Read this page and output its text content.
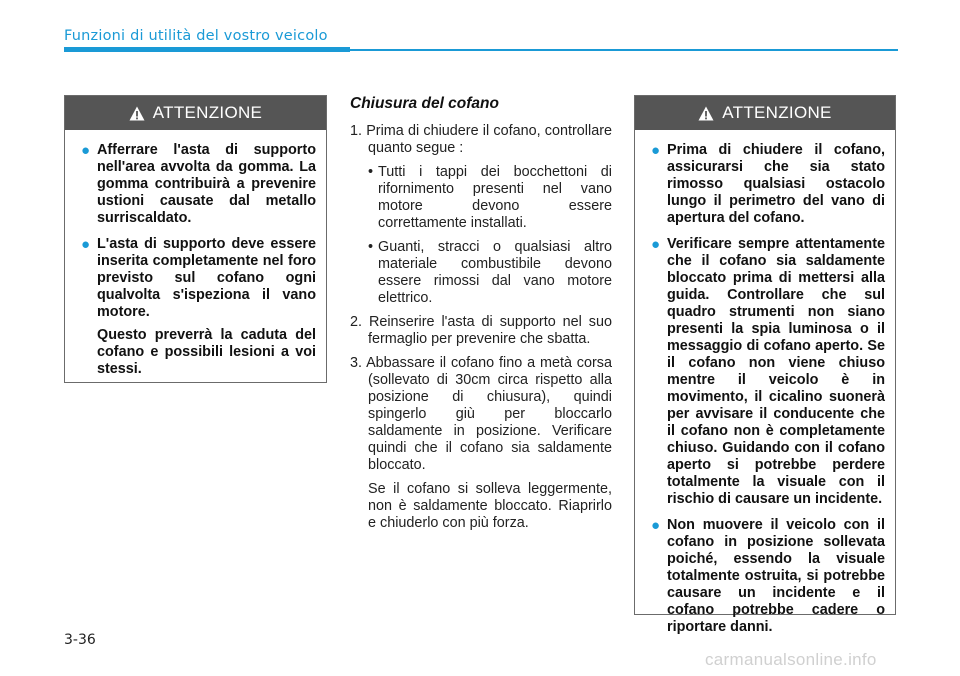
Funzioni di utilità del vostro veicolo
ATTENZIONE
● Afferrare l'asta di supporto nell'area avvolta da gomma. La gomma contribuirà a prevenire ustioni causate dal metallo surriscaldato.
● L'asta di supporto deve essere inserita completamente nel foro previsto sul cofano ogni qualvolta s'ispeziona il vano motore.
Questo preverrà la caduta del cofano e possibili lesioni a voi stessi.
Chiusura del cofano
1. Prima di chiudere il cofano, controllare quanto segue :
• Tutti i tappi dei bocchettoni di rifornimento presenti nel vano motore devono essere correttamente installati.
• Guanti, stracci o qualsiasi altro materiale combustibile devono essere rimossi dal vano motore elettrico.
2. Reinserire l'asta di supporto nel suo fermaglio per prevenire che sbatta.
3. Abbassare il cofano fino a metà corsa (sollevato di 30cm circa rispetto alla posizione di chiusura), quindi spingerlo giù per bloccarlo saldamente in posizione. Verificare quindi che il cofano sia saldamente bloccato.
Se il cofano si solleva leggermente, non è saldamente bloccato. Riaprirlo e chiuderlo con più forza.
ATTENZIONE
● Prima di chiudere il cofano, assicurarsi che sia stato rimosso qualsiasi ostacolo lungo il perimetro del vano di apertura del cofano.
● Verificare sempre attentamente che il cofano sia saldamente bloccato prima di mettersi alla guida. Controllare che sul quadro strumenti non siano presenti la spia luminosa o il messaggio di cofano aperto. Se il cofano non viene chiuso mentre il veicolo è in movimento, il cicalino suonerà per avvisare il conducente che il cofano non è completamente chiuso. Guidando con il cofano aperto si potrebbe perdere totalmente la visuale con il rischio di causare un incidente.
● Non muovere il veicolo con il cofano in posizione sollevata poiché, essendo la visuale totalmente ostruita, si potrebbe causare un incidente e il cofano potrebbe cadere o riportare danni.
3-36
carmanualsonline.info
